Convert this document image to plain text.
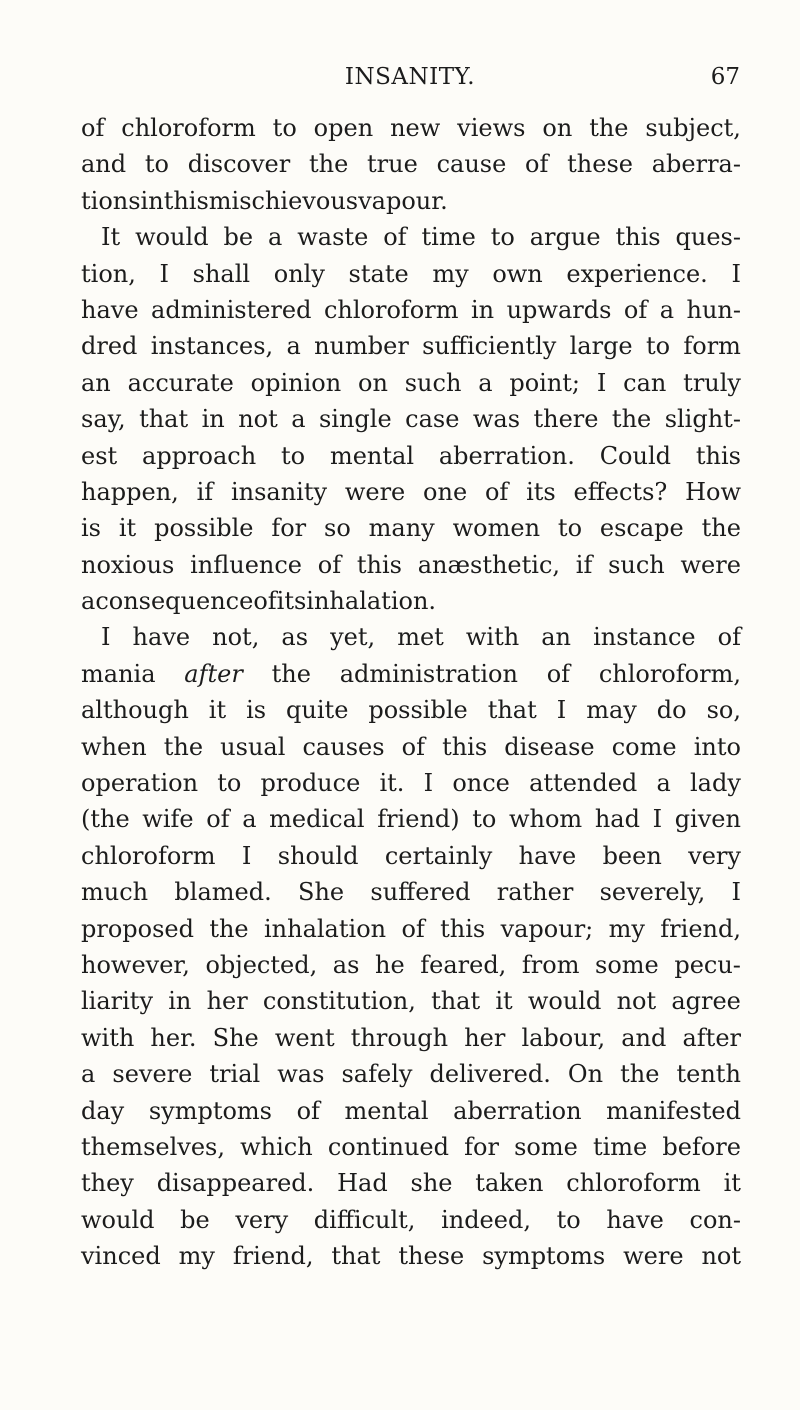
INSANITY.	67
of chloroform to open new views on the subject,
and to discover the true cause of these aberra-
tions in this mischievous vapour.
It would be a waste of time to argue this ques-
tion, I shall only state my own experience. I
have administered chloroform in upwards of a hun-
dred instances, a number sufficiently large to form
an accurate opinion on such a point; I can truly
say, that in not a single case was there the slight-
est approach to mental aberration. Could this
happen, if insanity were one of its effects? How
is it possible for so many women to escape the
noxious influence of this anæsthetic, if such were
a consequence of its inhalation.
I have not, as yet, met with an instance of
mania after the administration of chloroform,
although it is quite possible that I may do so,
when the usual causes of this disease come into
operation to produce it. I once attended a lady
(the wife of a medical friend) to whom had I given
chloroform I should certainly have been very
much blamed. She suffered rather severely, I
proposed the inhalation of this vapour; my friend,
however, objected, as he feared, from some pecu-
liarity in her constitution, that it would not agree
with her. She went through her labour, and after
a severe trial was safely delivered. On the tenth
day symptoms of mental aberration manifested
themselves, which continued for some time before
they disappeared. Had she taken chloroform it
would be very difficult, indeed, to have con-
vinced my friend, that these symptoms were not
